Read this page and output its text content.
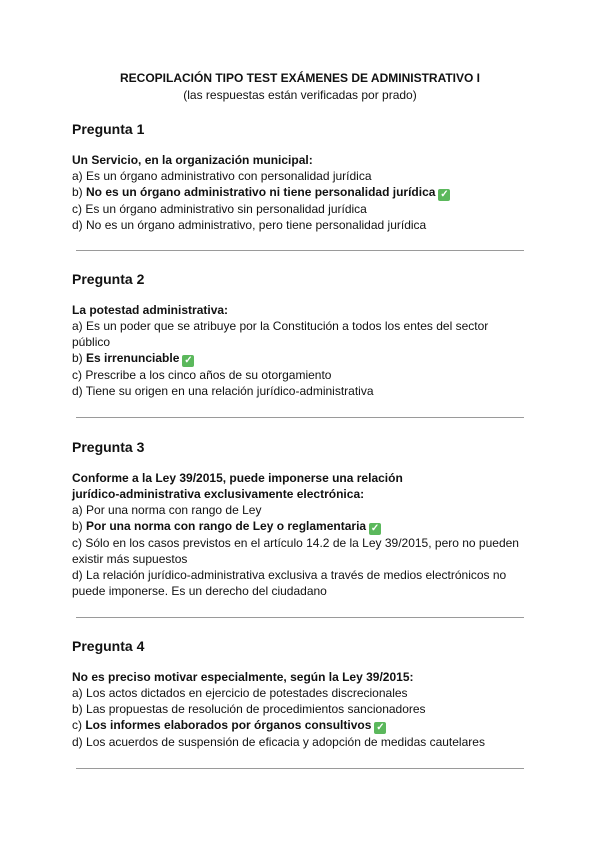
RECOPILACIÓN TIPO TEST EXÁMENES DE ADMINISTRATIVO I
(las respuestas están verificadas por prado)
Pregunta 1
Un Servicio, en la organización municipal:
a) Es un órgano administrativo con personalidad jurídica
b) No es un órgano administrativo ni tiene personalidad jurídica ✓
c) Es un órgano administrativo sin personalidad jurídica
d) No es un órgano administrativo, pero tiene personalidad jurídica
Pregunta 2
La potestad administrativa:
a) Es un poder que se atribuye por la Constitución a todos los entes del sector
público
b) Es irrenunciable ✓
c) Prescribe a los cinco años de su otorgamiento
d) Tiene su origen en una relación jurídico-administrativa
Pregunta 3
Conforme a la Ley 39/2015, puede imponerse una relación
jurídico-administrativa exclusivamente electrónica:
a) Por una norma con rango de Ley
b) Por una norma con rango de Ley o reglamentaria ✓
c) Sólo en los casos previstos en el artículo 14.2 de la Ley 39/2015, pero no pueden
existir más supuestos
d) La relación jurídico-administrativa exclusiva a través de medios electrónicos no
puede imponerse. Es un derecho del ciudadano
Pregunta 4
No es preciso motivar especialmente, según la Ley 39/2015:
a) Los actos dictados en ejercicio de potestades discrecionales
b) Las propuestas de resolución de procedimientos sancionadores
c) Los informes elaborados por órganos consultivos ✓
d) Los acuerdos de suspensión de eficacia y adopción de medidas cautelares
